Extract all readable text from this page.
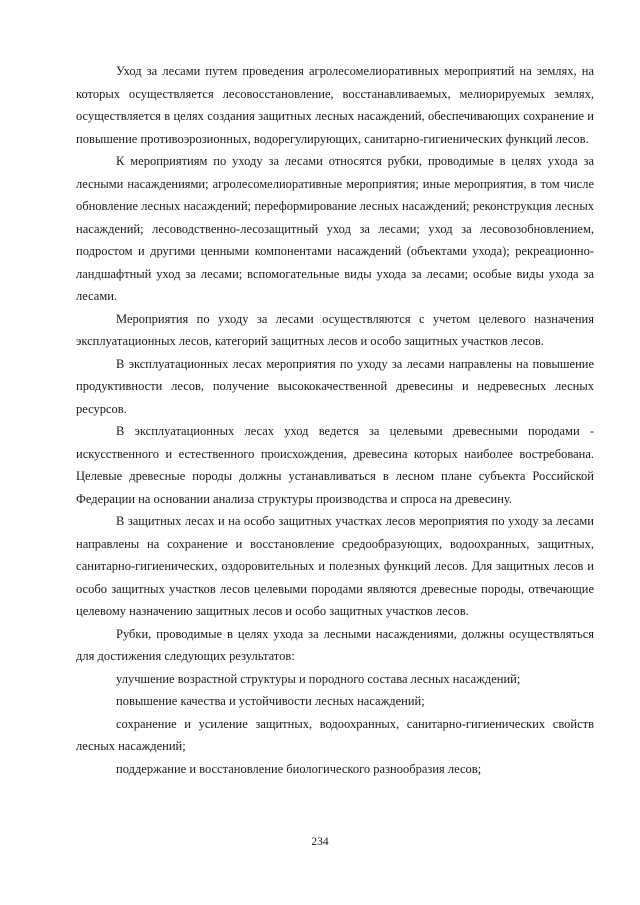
Уход за лесами путем проведения агролесомелиоративных мероприятий на землях, на которых осуществляется лесовосстановление, восстанавливаемых, мелиорируемых землях, осуществляется в целях создания защитных лесных насаждений, обеспечивающих сохранение и повышение противоэрозионных, водорегулирующих, санитарно-гигиенических функций лесов.

К мероприятиям по уходу за лесами относятся рубки, проводимые в целях ухода за лесными насаждениями; агролесомелиоративные мероприятия; иные мероприятия, в том числе обновление лесных насаждений; переформирование лесных насаждений; реконструкция лесных насаждений; лесоводственно-лесозащитный уход за лесами; уход за лесовозобновлением, подростом и другими ценными компонентами насаждений (объектами ухода); рекреационно-ландшафтный уход за лесами; вспомогательные виды ухода за лесами; особые виды ухода за лесами.

Мероприятия по уходу за лесами осуществляются с учетом целевого назначения эксплуатационных лесов, категорий защитных лесов и особо защитных участков лесов.

В эксплуатационных лесах мероприятия по уходу за лесами направлены на повышение продуктивности лесов, получение высококачественной древесины и недревесных лесных ресурсов.

В эксплуатационных лесах уход ведется за целевыми древесными породами - искусственного и естественного происхождения, древесина которых наиболее востребована. Целевые древесные породы должны устанавливаться в лесном плане субъекта Российской Федерации на основании анализа структуры производства и спроса на древесину.

В защитных лесах и на особо защитных участках лесов мероприятия по уходу за лесами направлены на сохранение и восстановление средообразующих, водоохранных, защитных, санитарно-гигиенических, оздоровительных и полезных функций лесов. Для защитных лесов и особо защитных участков лесов целевыми породами являются древесные породы, отвечающие целевому назначению защитных лесов и особо защитных участков лесов.

Рубки, проводимые в целях ухода за лесными насаждениями, должны осуществляться для достижения следующих результатов:

улучшение возрастной структуры и породного состава лесных насаждений;

повышение качества и устойчивости лесных насаждений;

сохранение и усиление защитных, водоохранных, санитарно-гигиенических свойств лесных насаждений;

поддержание и восстановление биологического разнообразия лесов;

234
